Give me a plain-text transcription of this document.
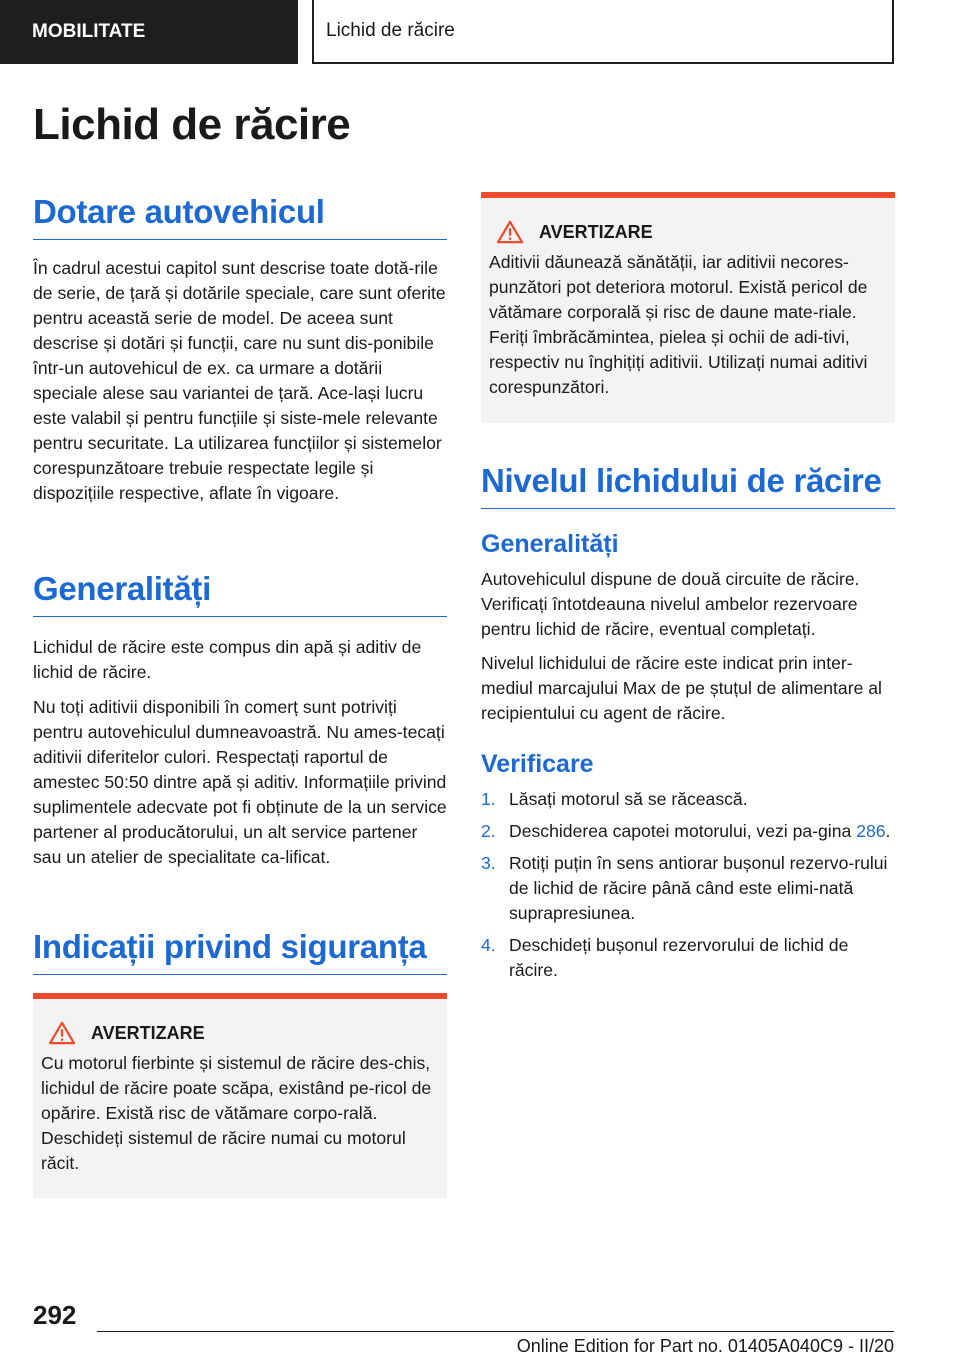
MOBILITATE	Lichid de răcire
Lichid de răcire
Dotare autovehicul

În cadrul acestui capitol sunt descrise toate dotă-rile de serie, de țară și dotările speciale, care sunt oferite pentru această serie de model. De aceea sunt descrise și dotări și funcții, care nu sunt dis-ponibile într-un autovehicul de ex. ca urmare a dotării speciale alese sau variantei de țară. Ace-lași lucru este valabil și pentru funcțiile și siste-mele relevante pentru securitate. La utilizarea funcțiilor și sistemelor corespunzătoare trebuie respectate legile și dispozițiile respective, aflate în vigoare.

Generalități

Lichidul de răcire este compus din apă și aditiv de lichid de răcire.

Nu toți aditivii disponibili în comerț sunt potriviți pentru autovehiculul dumneavoastră. Nu ames-tecați aditivii diferitelor culori. Respectați raportul de amestec 50:50 dintre apă și aditiv. Informațiile privind suplimentele adecvate pot fi obținute de la un service partener al producătorului, un alt service partener sau un atelier de specialitate ca-lificat.

Indicații privind siguranța
AVERTIZARE

Cu motorul fierbinte și sistemul de răcire des-chis, lichidul de răcire poate scăpa, existând pe-ricol de opărire. Există risc de vătămare corpo-rală. Deschideți sistemul de răcire numai cu motorul răcit.

AVERTIZARE

Aditivii dăunează sănătății, iar aditivii necores-punzători pot deteriora motorul. Există pericol de vătămare corporală și risc de daune mate-riale. Feriți îmbrăcămintea, pielea și ochii de adi-tivi, respectiv nu înghițiți aditivii. Utilizați numai aditivi corespunzători.

Nivelul lichidului de răcire
Generalități

Autovehiculul dispune de două circuite de răcire. Verificați întotdeauna nivelul ambelor rezervoare pentru lichid de răcire, eventual completați.

Nivelul lichidului de răcire este indicat prin inter-mediul marcajului Max de pe ștuțul de alimentare al recipientului cu agent de răcire.

Verificare
1. Lăsați motorul să se răcească.
2. Deschiderea capotei motorului, vezi pa-gina 286.
3. Rotiți puțin în sens antiorar bușonul rezervo-rului de lichid de răcire până când este elimi-nată suprapresiunea.
4. Deschideți bușonul rezervorului de lichid de răcire.
292
Online Edition for Part no. 01405A040C9 - II/20
